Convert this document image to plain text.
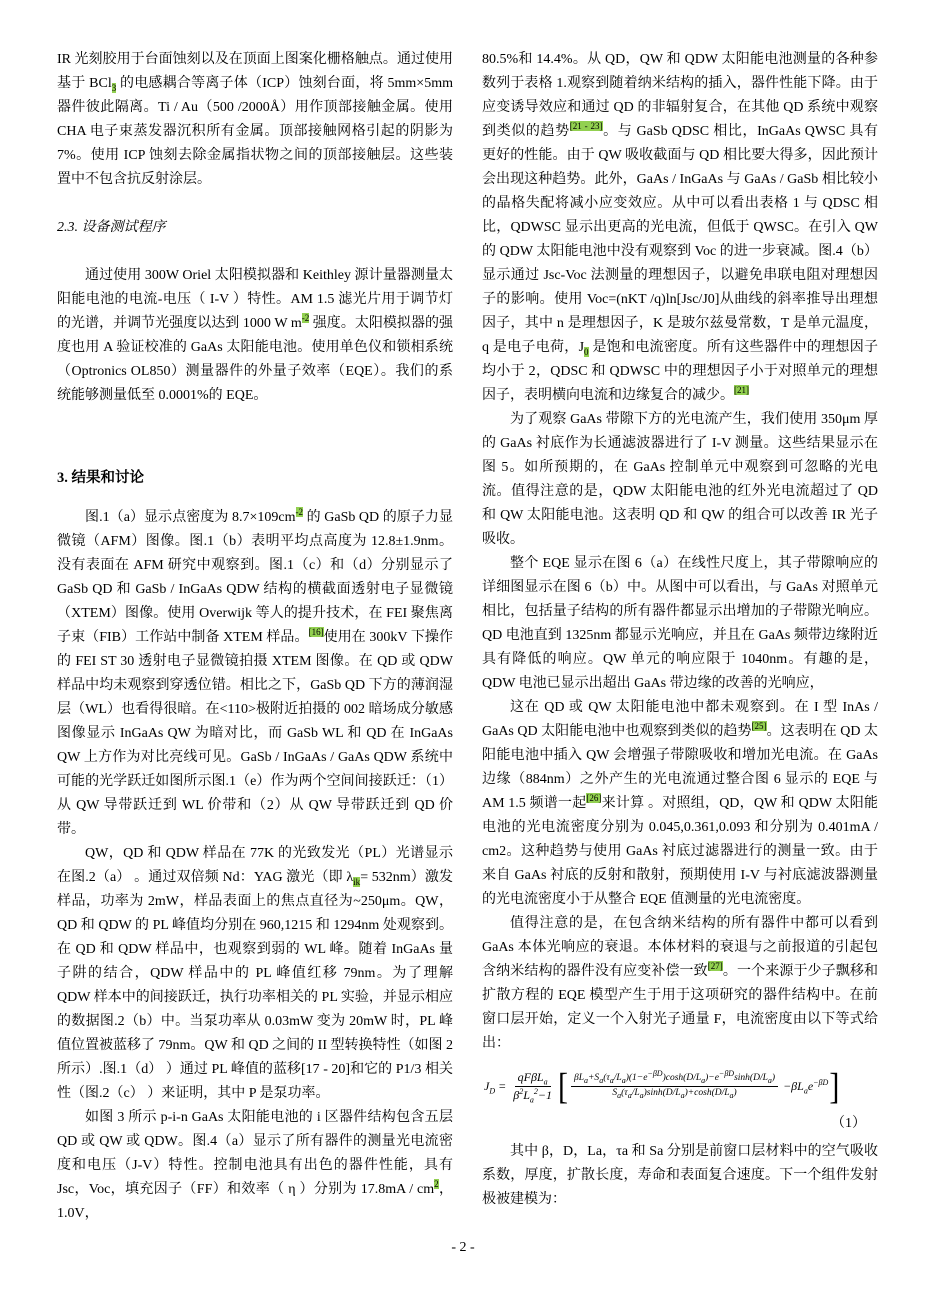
IR 光刻胶用于台面蚀刻以及在顶面上图案化栅格触点。通过使用基于 BCl$_3$ 的电感耦合等离子体（ICP）蚀刻台面，将 5mm×5mm 器件彼此隔离。Ti / Au（500 /2000Å）用作顶部接触金属。使用 CHA 电子束蒸发器沉积所有金属。顶部接触网格引起的阴影为 7%。使用 ICP 蚀刻去除金属指状物之间的顶部接触层。这些装置中不包含抗反射涂层。

2.3. 设备测试程序

通过使用 300W Oriel 太阳模拟器和 Keithley 源计量器测量太阳能电池的电流-电压（ I-V ）特性。AM 1.5 滤光片用于调节灯的光谱，并调节光强度以达到 1000 W $m^{-2}$ 强度。太阳模拟器的强度也用 A 验证校准的 GaAs 太阳能电池。使用单色仪和锁相系统（Optronics OL850）测量器件的外量子效率（EQE）。我们的系统能够测量低至 0.0001%的 EQE。

3. 结果和讨论

图.1（a）显示点密度为 $8.7\times 109cm^{-2}$ 的 GaSb QD 的原子力显微镜（AFM）图像。图.1（b）表明平均点高度为 12.8±1.9nm。没有表面在 AFM 研究中观察到。图.1（c）和（d）分别显示了 GaSb QD 和 GaSb / InGaAs QDW 结构的横截面透射电子显微镜（XTEM）图像。使用 Overwijk 等人的提升技术，在 FEI 聚焦离子束（FIB）工作站中制备 XTEM 样品。[16]使用在 300kV 下操作的 FEI ST 30 透射电子显微镜拍摄 XTEM 图像。在 QD 或 QDW 样品中均未观察到穿透位错。相比之下，GaSb QD 下方的薄润湿层（WL）也看得很暗。在<110>极附近拍摄的 002 暗场成分敏感图像显示 InGaAs QW 为暗对比，而 GaSb WL 和 QD 在 InGaAs QW 上方作为对比亮线可见。GaSb / InGaAs / GaAs QDW 系统中可能的光学跃迁如图所示图.1（e）作为两个空间间接跃迁：（1）从 QW 导带跃迁到 WL 价带和（2）从 QW 导带跃迁到 QD 价带。

QW，QD 和 QDW 样品在 77K 的光致发光（PL）光谱显示在图.2（a） 。通过双倍频 Nd：YAG 激光（即 $\lambda_{ik}= 532nm$）激发样品，功率为 2mW，样品表面上的焦点直径为~250μm。QW，QD 和 QDW 的 PL 峰值均分别在 960,1215 和 1294nm 处观察到。在 QD 和 QDW 样品中，也观察到弱的 WL 峰。随着 InGaAs 量子阱的结合，QDW 样品中的 PL 峰值红移 79nm。为了理解 QDW 样本中的间接跃迁，执行功率相关的 PL 实验，并显示相应的数据图.2（b）中。当泵功率从 0.03mW 变为 20mW 时，PL 峰值位置被蓝移了 79nm。QW 和 QD 之间的 II 型转换特性（如图 2 所示）.图.1（d） ）通过 PL 峰值的蓝移[17 - 20]和它的 P1/3 相关性（图.2（c） ）来证明，其中 P 是泵功率。

如图 3 所示 p-i-n GaAs 太阳能电池的 i 区器件结构包含五层 QD 或 QW 或 QDW。图.4（a）显示了所有器件的测量光电流密度和电压（J-V）特性。控制电池具有出色的器件性能，具有 Jsc，Voc，填充因子（FF）和效率（ η ）分别为 $17.8mA / cm^2$，1.0V，

80.5%和 14.4%。从 QD，QW 和 QDW 太阳能电池测量的各种参数列于表格 1.观察到随着纳米结构的插入，器件性能下降。由于应变诱导效应和通过 QD 的非辐射复合，在其他 QD 系统中观察到类似的趋势[21 - 23]。与 GaSb QDSC 相比，InGaAs QWSC 具有更好的性能。由于 QW 吸收截面与 QD 相比要大得多，因此预计会出现这种趋势。此外，GaAs / InGaAs 与 GaAs / GaSb 相比较小的晶格失配将减小应变效应。从中可以看出表格 1 与 QDSC 相比，QDWSC 显示出更高的光电流，但低于 QWSC。在引入 QW 的 QDW 太阳能电池中没有观察到 Voc 的进一步衰减。图.4（b）显示通过 Jsc-Voc 法测量的理想因子，以避免串联电阻对理想因子的影响。使用 Voc=(nKT /q)ln[Jsc/J0]从曲线的斜率推导出理想因子，其中 n 是理想因子，K 是玻尔兹曼常数，T 是单元温度，q 是电子电荷，$J_0$ 是饱和电流密度。所有这些器件中的理想因子均小于 2，QDSC 和 QDWSC 中的理想因子小于对照单元的理想因子，表明横向电流和边缘复合的减少。[21]

为了观察 GaAs 带隙下方的光电流产生，我们使用 350μm 厚的 GaAs 衬底作为长通滤波器进行了 I-V 测量。这些结果显示在图 5。如所预期的，在 GaAs 控制单元中观察到可忽略的光电流。值得注意的是，QDW 太阳能电池的红外光电流超过了 QD 和 QW 太阳能电池。这表明 QD 和 QW 的组合可以改善 IR 光子吸收。

整个 EQE 显示在图 6（a）在线性尺度上，其子带隙响应的详细图显示在图 6（b）中。从图中可以看出，与 GaAs 对照单元相比，包括量子结构的所有器件都显示出增加的子带隙光响应。QD 电池直到 1325nm 都显示光响应，并且在 GaAs 频带边缘附近具有降低的响应。QW 单元的响应限于 1040nm。有趣的是，QDW 电池已显示出超出 GaAs 带边缘的改善的光响应，

这在 QD 或 QW 太阳能电池中都未观察到。在 I 型 InAs / GaAs QD 太阳能电池中也观察到类似的趋势[25]。这表明在 QD 太阳能电池中插入 QW 会增强子带隙吸收和增加光电流。在 GaAs 边缘（884nm）之外产生的光电流通过整合图 6 显示的 EQE 与 AM 1.5 频谱一起[26]来计算 。对照组，QD，QW 和 QDW 太阳能电池的光电流密度分别为 0.045,0.361,0.093 和分别为 0.401mA / cm2。这种趋势与使用 GaAs 衬底过滤器进行的测量一致。由于来自 GaAs 衬底的反射和散射，预期使用 I-V 与衬底滤波器测量的光电流密度小于从整合 EQE 值测量的光电流密度。

值得注意的是，在包含纳米结构的所有器件中都可以看到 GaAs 本体光响应的衰退。本体材料的衰退与之前报道的引起包含纳米结构的器件没有应变补偿一致[27]。一个来源于少子飘移和扩散方程的 EQE 模型产生于用于这项研究的器件结构中。在前窗口层开始，定义一个入射光子通量 F，电流密度由以下等式给出：

$J_D = \frac{qF\beta L_a}{\beta^2L_a^2-1}$ [ $\frac{\beta L_a+S_a(\tau_a/L_a)(1-e^{-\beta D})\cosh(D/L_a)-e^{-\beta D}\sinh(D/L_a)}{S_a(\tau_a/L_a)\sinh(D/L_a)+\cosh(D/L_a)} -\beta L_ae^{-\beta D}$ ]
（1）

其中 β，D，La，τa 和 Sa 分别是前窗口层材料中的空气吸收系数，厚度，扩散长度，寿命和表面复合速度。下一个组件发射极被建模为：

- 2 -
